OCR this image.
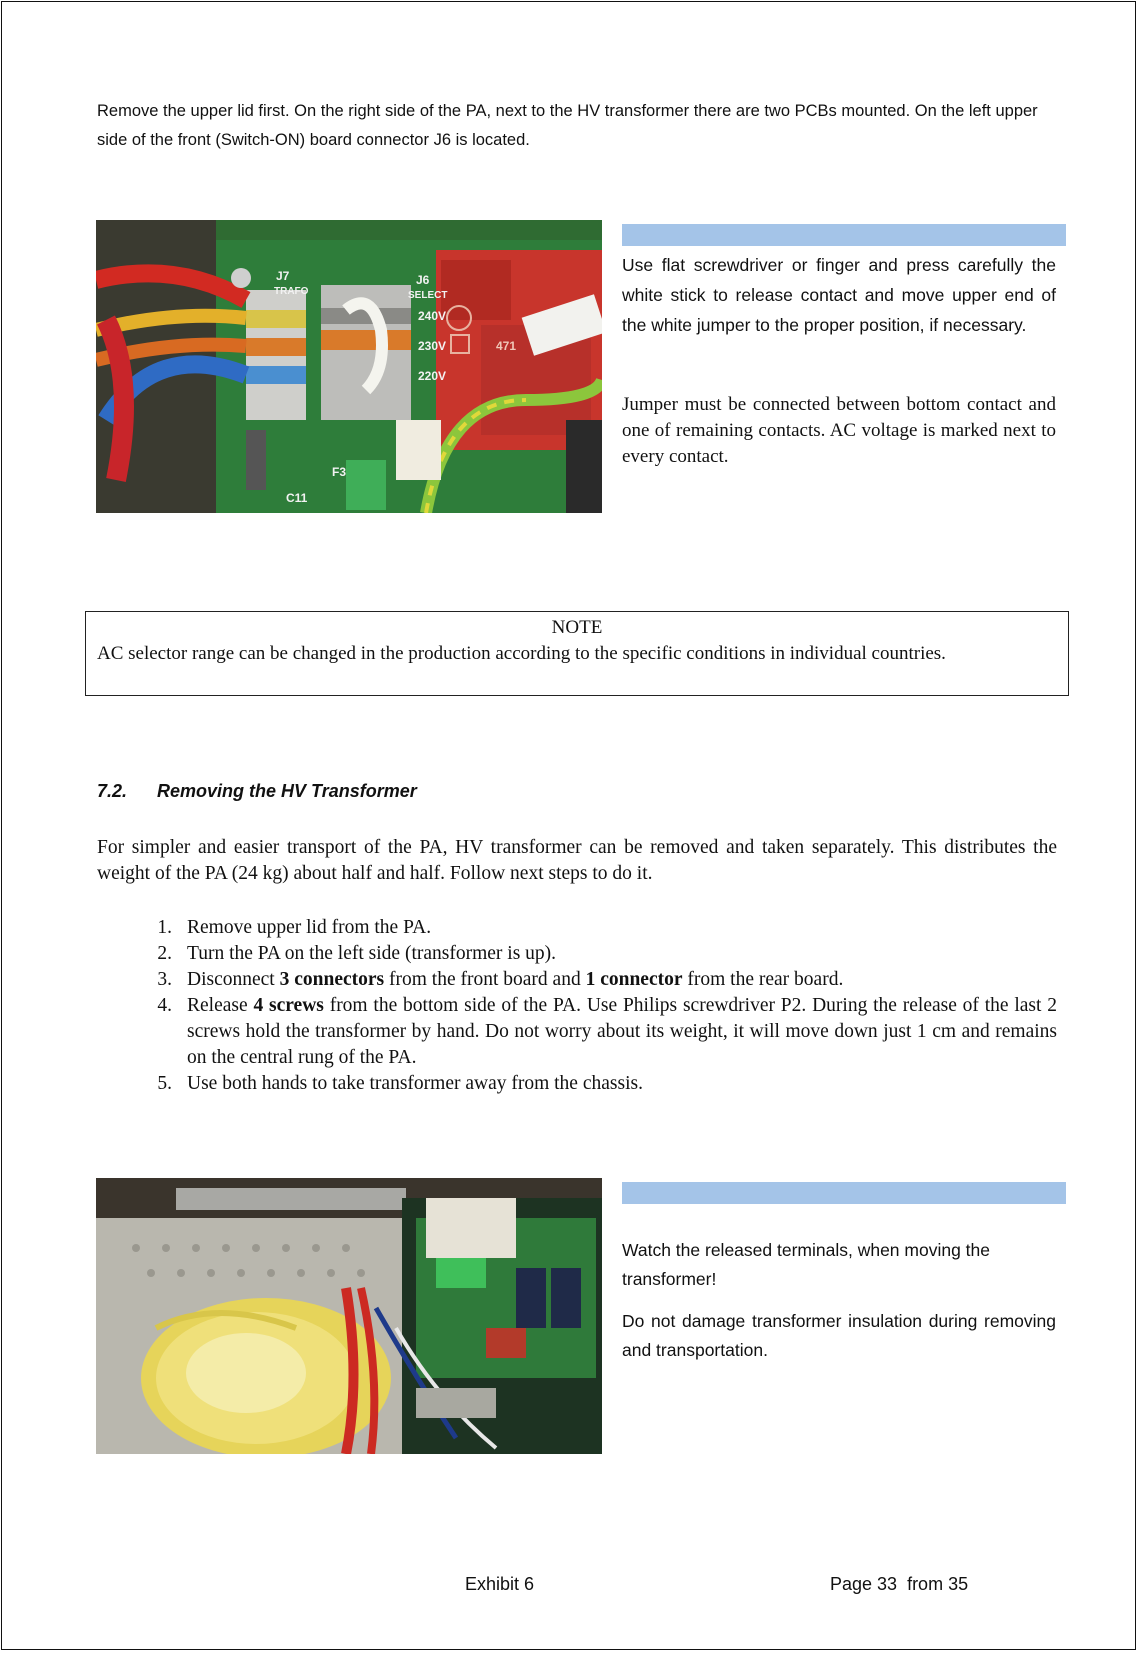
Remove the upper lid first. On the right side of the PA, next to the HV transformer there are two PCBs mounted. On the left upper side of the front (Switch-ON) board connector J6 is located.
J7
TRAFO
J6
SELECT
240V
230V
220V
F3
C11
471
Use flat screwdriver or finger and press carefully the white stick to release contact and move upper end of the white jumper to the proper position, if necessary.
Jumper must be connected between bottom contact and one of remaining contacts. AC voltage is marked next to every contact.
NOTE
AC selector range can be changed in the production according to the specific conditions in individual countries.
7.2. Removing the HV Transformer
For simpler and easier transport of the PA, HV transformer can be removed and taken separately. This distributes the weight of the PA (24 kg) about half and half. Follow next steps to do it.
1. Remove upper lid from the PA.
2. Turn the PA on the left side (transformer is up).
3. Disconnect 3 connectors from the front board and 1 connector from the rear board.
4. Release 4 screws from the bottom side of the PA. Use Philips screwdriver P2. During the release of the last 2 screws hold the transformer by hand. Do not worry about its weight, it will move down just 1 cm and remains on the central rung of the PA.
5. Use both hands to take transformer away from the chassis.
Watch the released terminals, when moving the transformer!
Do not damage transformer insulation during removing and transportation.
Exhibit 6	Page 33  from 35
